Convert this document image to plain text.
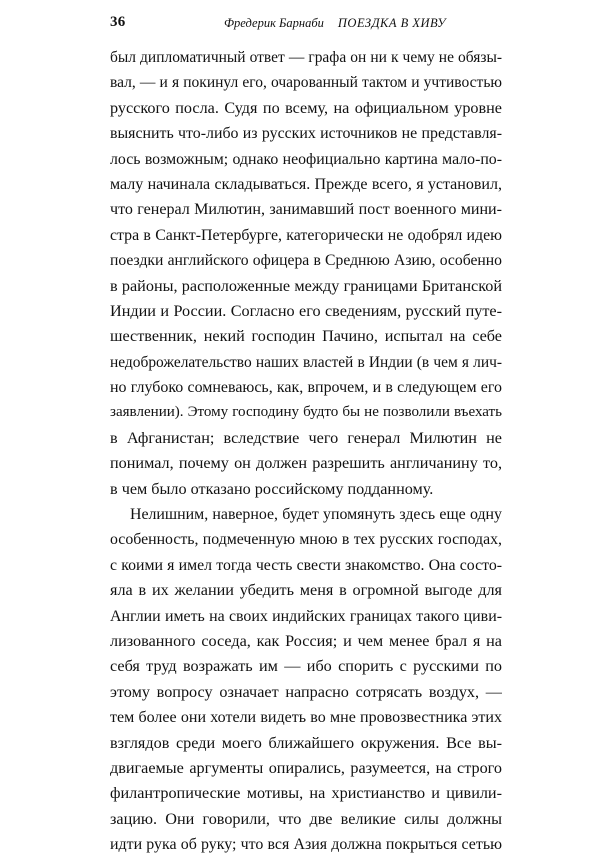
36	Фредерик Барнаби ПОЕЗДКА В ХИВУ
был дипломатичный ответ — графа он ни к чему не обязы-
вал, — и я покинул его, очарованный тактом и учтивостью
русского посла. Судя по всему, на официальном уровне
выяснить что-либо из русских источников не представля-
лось возможным; однако неофициально картина мало-по-
малу начинала складываться. Прежде всего, я установил,
что генерал Милютин, занимавший пост военного мини-
стра в Санкт-Петербурге, категорически не одобрял идею
поездки английского офицера в Среднюю Азию, особенно
в районы, расположенные между границами Британской
Индии и России. Согласно его сведениям, русский путе-
шественник, некий господин Пачино, испытал на себе
недоброжелательство наших властей в Индии (в чем я лич-
но глубоко сомневаюсь, как, впрочем, и в следующем его
заявлении). Этому господину будто бы не позволили въехать
в Афганистан; вследствие чего генерал Милютин не
понимал, почему он должен разрешить англичанину то,
в чем было отказано российскому подданному.
Нелишним, наверное, будет упомянуть здесь еще одну
особенность, подмеченную мною в тех русских господах,
с коими я имел тогда честь свести знакомство. Она состо-
яла в их желании убедить меня в огромной выгоде для
Англии иметь на своих индийских границах такого циви-
лизованного соседа, как Россия; и чем менее брал я на
себя труд возражать им — ибо спорить с русскими по
этому вопросу означает напрасно сотрясать воздух, —
тем более они хотели видеть во мне провозвестника этих
взглядов среди моего ближайшего окружения. Все вы-
двигаемые аргументы опирались, разумеется, на строго
филантропические мотивы, на христианство и цивили-
зацию. Они говорили, что две великие силы должны
идти рука об руку; что вся Азия должна покрыться сетью
